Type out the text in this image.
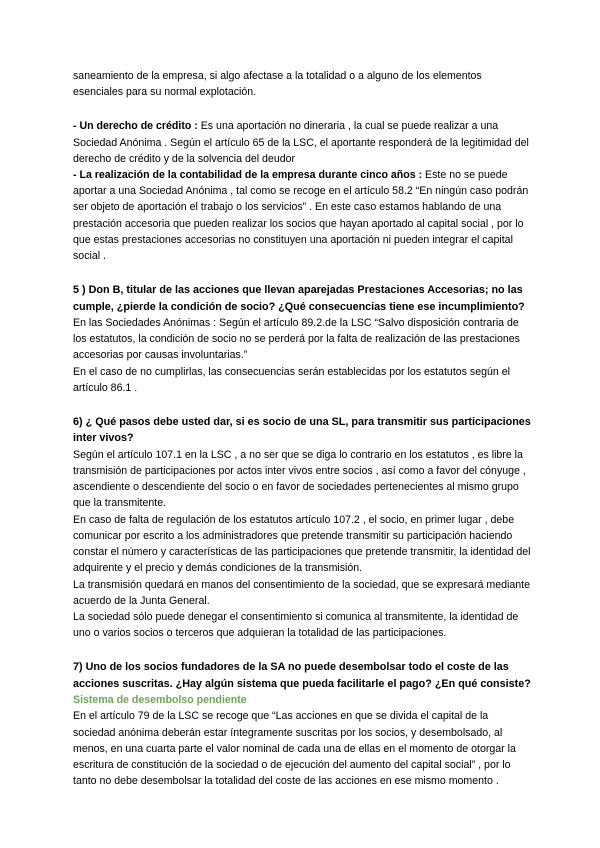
saneamiento de la empresa, si algo afectase a la totalidad o a alguno de los elementos esenciales para su normal explotación.

- Un derecho de crédito : Es una aportación no dineraria , la cual se puede realizar a una Sociedad Anónima . Según el artículo 65 de la LSC, el aportante responderá de la legitimidad del derecho de crédito y de la solvencia del deudor

- La realización de la contabilidad de la empresa durante cinco años : Este no se puede aportar a una Sociedad Anónima , tal como se recoge en el artículo 58.2 “En ningún caso podrán ser objeto de aportación el trabajo o los servicios” . En este caso estamos hablando de una prestación accesoria que pueden realizar los socios que hayan aportado al capital social , por lo que estas prestaciones accesorias no constituyen una aportación ni pueden integrar el capital social .

5 ) Don B, titular de las acciones que llevan aparejadas Prestaciones Accesorias; no las cumple, ¿pierde la condición de socio? ¿Qué consecuencias tiene ese incumplimiento?

En las Sociedades Anónimas : Según el artículo 89.2.de la LSC “Salvo disposición contraria de los estatutos, la condición de socio no se perderá por la falta de realización de las prestaciones accesorias por causas involuntarias.”

En el caso de no cumplirlas, las consecuencias serán establecidas por los estatutos según el artículo 86.1 .

6) ¿ Qué pasos debe usted dar, si es socio de una SL, para transmitir sus participaciones inter vivos?

Según el artículo 107.1 en la LSC , a no ser que se diga lo contrario en los estatutos , es libre la transmisión de participaciones por actos inter vivos entre socios , así como a favor del cónyuge , ascendiente o descendiente del socio o en favor de sociedades pertenecientes al mismo grupo que la transmitente.

En caso de falta de regulación de los estatutos artículo 107.2 , el socio, en primer lugar , debe comunicar por escrito a los administradores que pretende transmitir su participación haciendo constar el número y características de las participaciones que pretende transmitir, la identidad del adquirente y el precio y demás condiciones de la transmisión.

La transmisión quedará en manos del consentimiento de la sociedad, que se expresará mediante acuerdo de la Junta General.

La sociedad sólo puede denegar el consentimiento si comunica al transmitente, la identidad de uno o varios socios o terceros que adquieran la totalidad de las participaciones.

7) Uno de los socios fundadores de la SA no puede desembolsar todo el coste de las acciones suscritas. ¿Hay algún sistema que pueda facilitarle el pago? ¿En qué consiste?

Sistema de desembolso pendiente

En el artículo 79 de la LSC se recoge que “Las acciones en que se divida el capital de la sociedad anónima deberán estar íntegramente suscritas por los socios, y desembolsado, al menos, en una cuarta parte el valor nominal de cada una de ellas en el momento de otorgar la escritura de constitución de la sociedad o de ejecución del aumento del capital social” , por lo tanto no debe desembolsar la totalidad del coste de las acciones en ese mismo momento .
